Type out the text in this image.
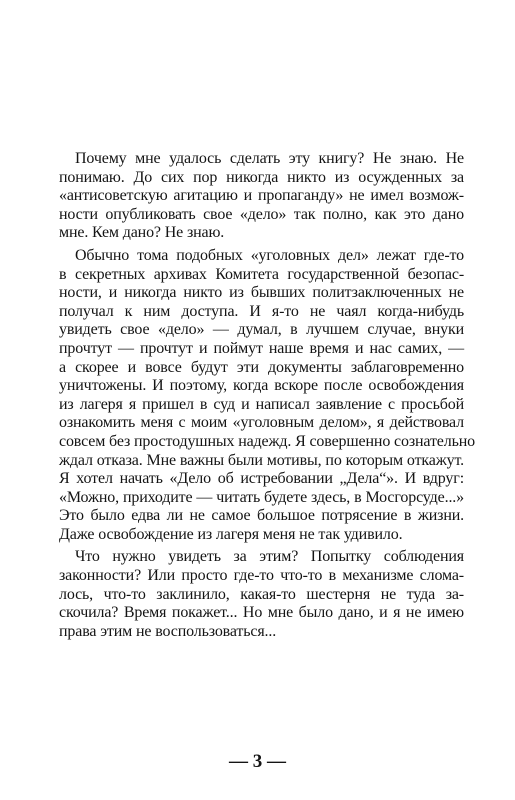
Почему мне удалось сделать эту книгу? Не знаю. Не
понимаю. До сих пор никогда никто из осужденных за
«антисоветскую агитацию и пропаганду» не имел возмож-
ности опубликовать свое «дело» так полно, как это дано
мне. Кем дано? Не знаю.
Обычно тома подобных «уголовных дел» лежат где-то
в секретных архивах Комитета государственной безопас-
ности, и никогда никто из бывших политзаключенных не
получал к ним доступа. И я-то не чаял когда-нибудь
увидеть свое «дело» — думал, в лучшем случае, внуки
прочтут — прочтут и поймут наше время и нас самих, —
а скорее и вовсе будут эти документы заблаговременно
уничтожены. И поэтому, когда вскоре после освобождения
из лагеря я пришел в суд и написал заявление с просьбой
ознакомить меня с моим «уголовным делом», я действовал
совсем без простодушных надежд. Я совершенно сознательно
ждал отказа. Мне важны были мотивы, по которым откажут.
Я хотел начать «Дело об истребовании „Дела“». И вдруг:
«Можно, приходите — читать будете здесь, в Мосгорсуде...»
Это было едва ли не самое большое потрясение в жизни.
Даже освобождение из лагеря меня не так удивило.
Что нужно увидеть за этим? Попытку соблюдения
законности? Или просто где-то что-то в механизме слома-
лось, что-то заклинило, какая-то шестерня не туда за-
скочила? Время покажет... Но мне было дано, и я не имею
права этим не воспользоваться...
— 3 —
